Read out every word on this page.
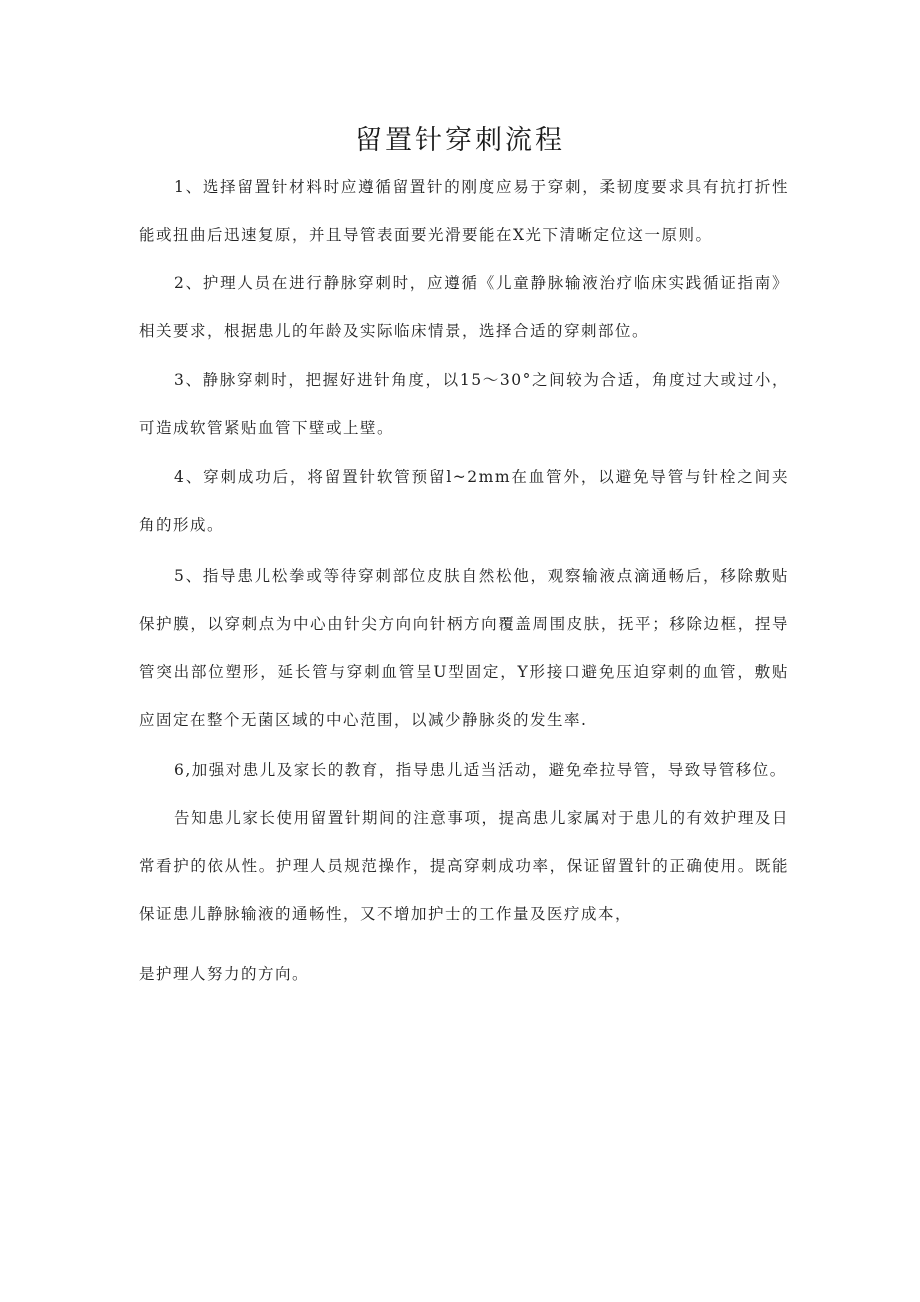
留置针穿刺流程

1、选择留置针材料时应遵循留置针的刚度应易于穿刺，柔韧度要求具有抗打折性能或扭曲后迅速复原，并且导管表面要光滑要能在X光下清晰定位这一原则。

2、护理人员在进行静脉穿刺时，应遵循《儿童静脉输液治疗临床实践循证指南》相关要求，根据患儿的年龄及实际临床情景，选择合适的穿刺部位。

3、静脉穿刺时，把握好进针角度，以15～30°之间较为合适，角度过大或过小，可造成软管紧贴血管下壁或上壁。

4、穿刺成功后，将留置针软管预留l~2mm在血管外，以避免导管与针栓之间夹角的形成。

5、指导患儿松拳或等待穿刺部位皮肤自然松他，观察输液点滴通畅后，移除敷贴保护膜，以穿刺点为中心由针尖方向向针柄方向覆盖周围皮肤，抚平；移除边框，捏导管突出部位塑形，延长管与穿刺血管呈U型固定，Y形接口避免压迫穿刺的血管，敷贴应固定在整个无菌区域的中心范围，以减少静脉炎的发生率.

6,加强对患儿及家长的教育，指导患儿适当活动，避免牵拉导管，导致导管移位。

告知患儿家长使用留置针期间的注意事项，提高患儿家属对于患儿的有效护理及日常看护的依从性。护理人员规范操作，提高穿刺成功率，保证留置针的正确使用。既能保证患儿静脉输液的通畅性，又不增加护士的工作量及医疗成本，

是护理人努力的方向。
